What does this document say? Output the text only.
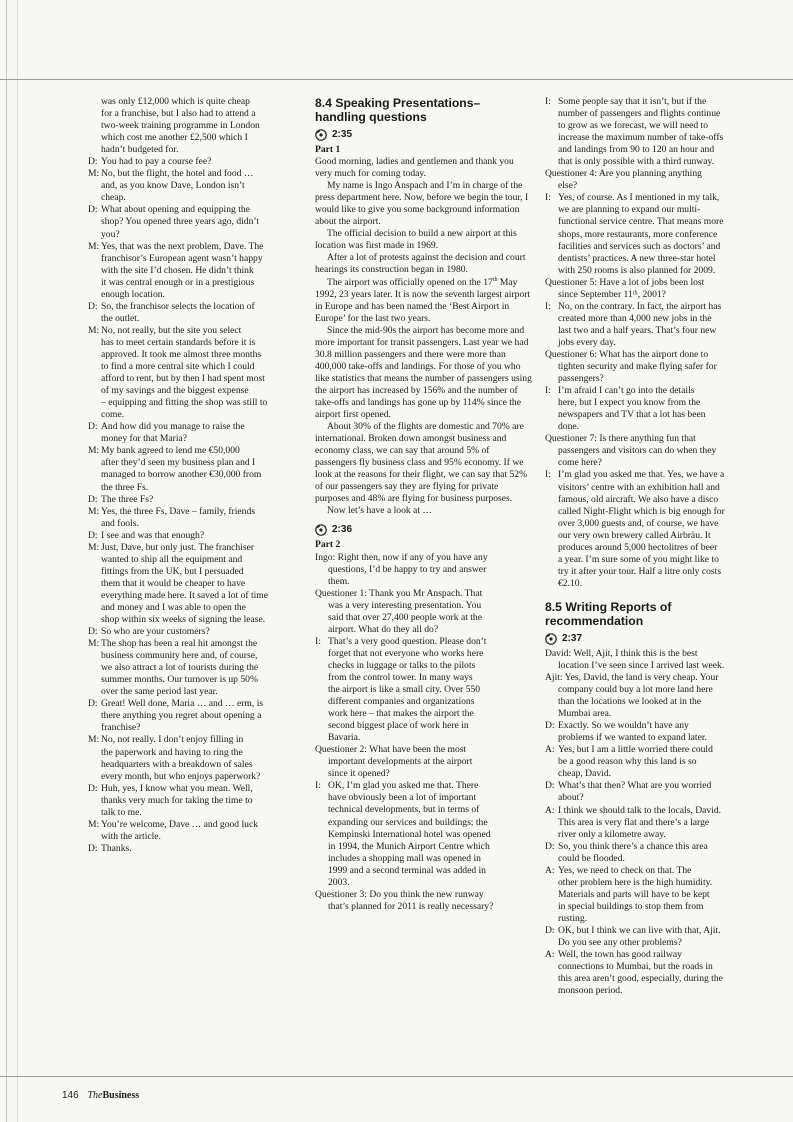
was only £12,000 which is quite cheap
for a franchise, but I also had to attend a
two-week training programme in London
which cost me another £2,500 which I
hadn’t budgeted for.
D: You had to pay a course fee?
M: No, but the flight, the hotel and food …
and, as you know Dave, London isn’t
cheap.
D: What about opening and equipping the
shop? You opened three years ago, didn’t
you?
M: Yes, that was the next problem, Dave. The
franchisor’s European agent wasn’t happy
with the site I’d chosen. He didn’t think
it was central enough or in a prestigious
enough location.
D: So, the franchisor selects the location of
the outlet.
M: No, not really, but the site you select
has to meet certain standards before it is
approved. It took me almost three months
to find a more central site which I could
afford to rent, but by then I had spent most
of my savings and the biggest expense
– equipping and fitting the shop was still to
come.
D: And how did you manage to raise the
money for that Maria?
M: My bank agreed to lend me €50,000
after they’d seen my business plan and I
managed to borrow another €30,000 from
the three Fs.
D: The three Fs?
M: Yes, the three Fs, Dave – family, friends
and fools.
D: I see and was that enough?
M: Just, Dave, but only just. The franchiser
wanted to ship all the equipment and
fittings from the UK, but I persuaded
them that it would be cheaper to have
everything made here. It saved a lot of time
and money and I was able to open the
shop within six weeks of signing the lease.
D: So who are your customers?
M: The shop has been a real hit amongst the
business community here and, of course,
we also attract a lot of tourists during the
summer months. Our turnover is up 50%
over the same period last year.
D: Great! Well done, Maria … and … erm, is
there anything you regret about opening a
franchise?
M: No, not really. I don’t enjoy filling in
the paperwork and having to ring the
headquarters with a breakdown of sales
every month, but who enjoys paperwork?
D: Huh, yes, I know what you mean. Well,
thanks very much for taking the time to
talk to me.
M: You’re welcome, Dave … and good luck
with the article.
D: Thanks.
8.4 Speaking Presentations–
handling questions
2:35
Part 1
Good morning, ladies and gentlemen and thank you very much for coming today.
My name is Ingo Anspach and I’m in charge of the press department here. Now, before we begin the tour, I would like to give you some background information about the airport.
The official decision to build a new airport at this location was first made in 1969.
After a lot of protests against the decision and court hearings its construction began in 1980.
The airport was officially opened on the 17th May 1992, 23 years later. It is now the seventh largest airport in Europe and has been named the ‘Best Airport in Europe’ for the last two years.
Since the mid-90s the airport has become more and more important for transit passengers. Last year we had 30.8 million passengers and there were more than 400,000 take-offs and landings. For those of you who like statistics that means the number of passengers using the airport has increased by 156% and the number of take-offs and landings has gone up by 114% since the airport first opened.
About 30% of the flights are domestic and 70% are international. Broken down amongst business and economy class, we can say that around 5% of passengers fly business class and 95% economy. If we look at the reasons for their flight, we can say that 52% of our passengers say they are flying for private purposes and 48% are flying for business purposes.
Now let’s have a look at …
2:36
Part 2
Ingo: Right then, now if any of you have any
questions, I’d be happy to try and answer
them.
Questioner 1: Thank you Mr Anspach. That
was a very interesting presentation. You
said that over 27,400 people work at the
airport. What do they all do?
I: That’s a very good question. Please don’t
forget that not everyone who works here
checks in luggage or talks to the pilots
from the control tower. In many ways
the airport is like a small city. Over 550
different companies and organizations
work here – that makes the airport the
second biggest place of work here in
Bavaria.
Questioner 2: What have been the most
important developments at the airport
since it opened?
I: OK, I’m glad you asked me that. There
have obviously been a lot of important
technical developments, but in terms of
expanding our services and buildings; the
Kempinski International hotel was opened
in 1994, the Munich Airport Centre which
includes a shopping mall was opened in
1999 and a second terminal was added in
2003.
Questioner 3: Do you think the new runway
that’s planned for 2011 is really necessary?
I: Some people say that it isn’t, but if the
number of passengers and flights continue
to grow as we forecast, we will need to
increase the maximum number of take-offs
and landings from 90 to 120 an hour and
that is only possible with a third runway.
Questioner 4: Are you planning anything
else?
I: Yes, of course. As I mentioned in my talk,
we are planning to expand our multi-
functional service centre. That means more
shops, more restaurants, more conference
facilities and services such as doctors’ and
dentists’ practices. A new three-star hotel
with 250 rooms is also planned for 2009.
Questioner 5: Have a lot of jobs been lost
since September 11ᵗʰ, 2001?
I: No, on the contrary. In fact, the airport has
created more than 4,000 new jobs in the
last two and a half years. That’s four new
jobs every day.
Questioner 6: What has the airport done to
tighten security and make flying safer for
passengers?
I: I’m afraid I can’t go into the details
here, but I expect you know from the
newspapers and TV that a lot has been
done.
Questioner 7: Is there anything fun that
passengers and visitors can do when they
come here?
I: I’m glad you asked me that. Yes, we have a
visitors’ centre with an exhibition hall and
famous, old aircraft. We also have a disco
called Night-Flight which is big enough for
over 3,000 guests and, of course, we have
our very own brewery called Airbräu. It
produces around 5,000 hectolitres of beer
a year. I’m sure some of you might like to
try it after your tour. Half a litre only costs
€2.10.
8.5 Writing Reports of
recommendation
2:37
David: Well, Ajit, I think this is the best
location I’ve seen since I arrived last week.
Ajit: Yes, David, the land is very cheap. Your
company could buy a lot more land here
than the locations we looked at in the
Mumbai area.
D: Exactly. So we wouldn’t have any
problems if we wanted to expand later.
A: Yes, but I am a little worried there could
be a good reason why this land is so
cheap, David.
D: What’s that then? What are you worried
about?
A: I think we should talk to the locals, David.
This area is very flat and there’s a large
river only a kilometre away.
D: So, you think there’s a chance this area
could be flooded.
A: Yes, we need to check on that. The
other problem here is the high humidity.
Materials and parts will have to be kept
in special buildings to stop them from
rusting.
D: OK, but I think we can live with that, Ajit.
Do you see any other problems?
A: Well, the town has good railway
connections to Mumbai, but the roads in
this area aren’t good, especially, during the
monsoon period.
146 TheBusiness
